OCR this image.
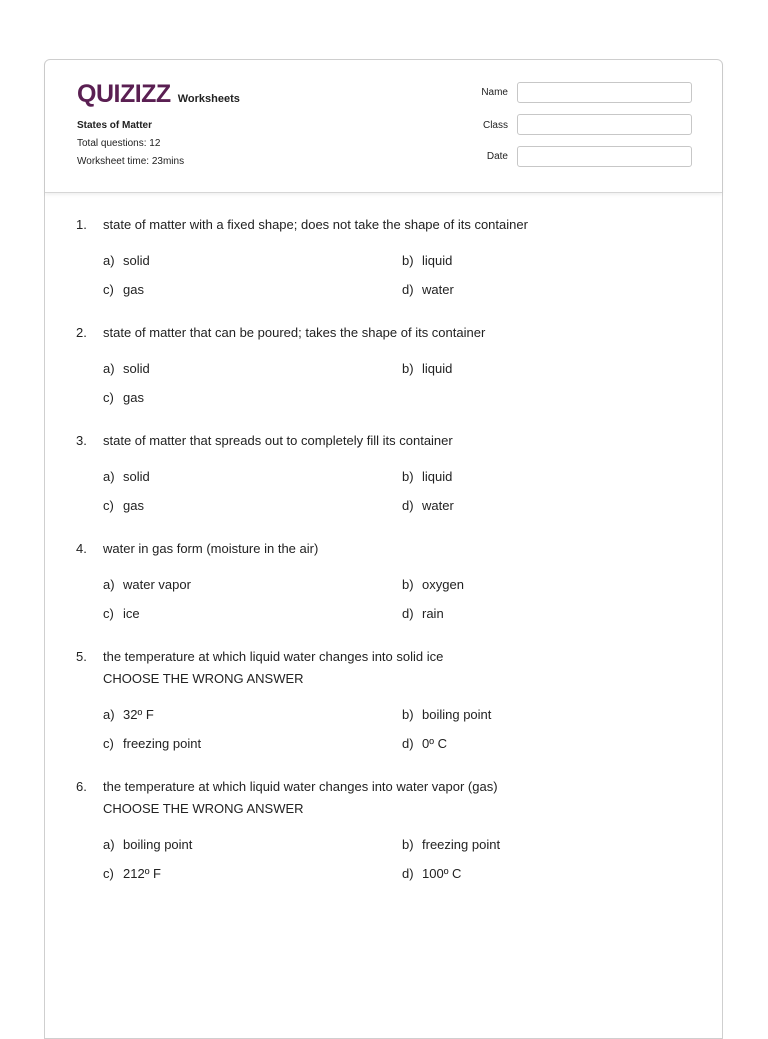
QUIZIZZ Worksheets
States of Matter
Total questions: 12
Worksheet time: 23mins
Name
Class
Date
1.	state of matter with a fixed shape; does not take the shape of its container
a) solid	b) liquid
c) gas	d) water
2.	state of matter that can be poured; takes the shape of its container
a) solid	b) liquid
c) gas
3.	state of matter that spreads out to completely fill its container
a) solid	b) liquid
c) gas	d) water
4.	water in gas form (moisture in the air)
a) water vapor	b) oxygen
c) ice	d) rain
5.	the temperature at which liquid water changes into solid ice
CHOOSE THE WRONG ANSWER
a) 32º F	b) boiling point
c) freezing point	d) 0º C
6.	the temperature at which liquid water changes into water vapor (gas)
CHOOSE THE WRONG ANSWER
a) boiling point	b) freezing point
c) 212º F	d) 100º C
